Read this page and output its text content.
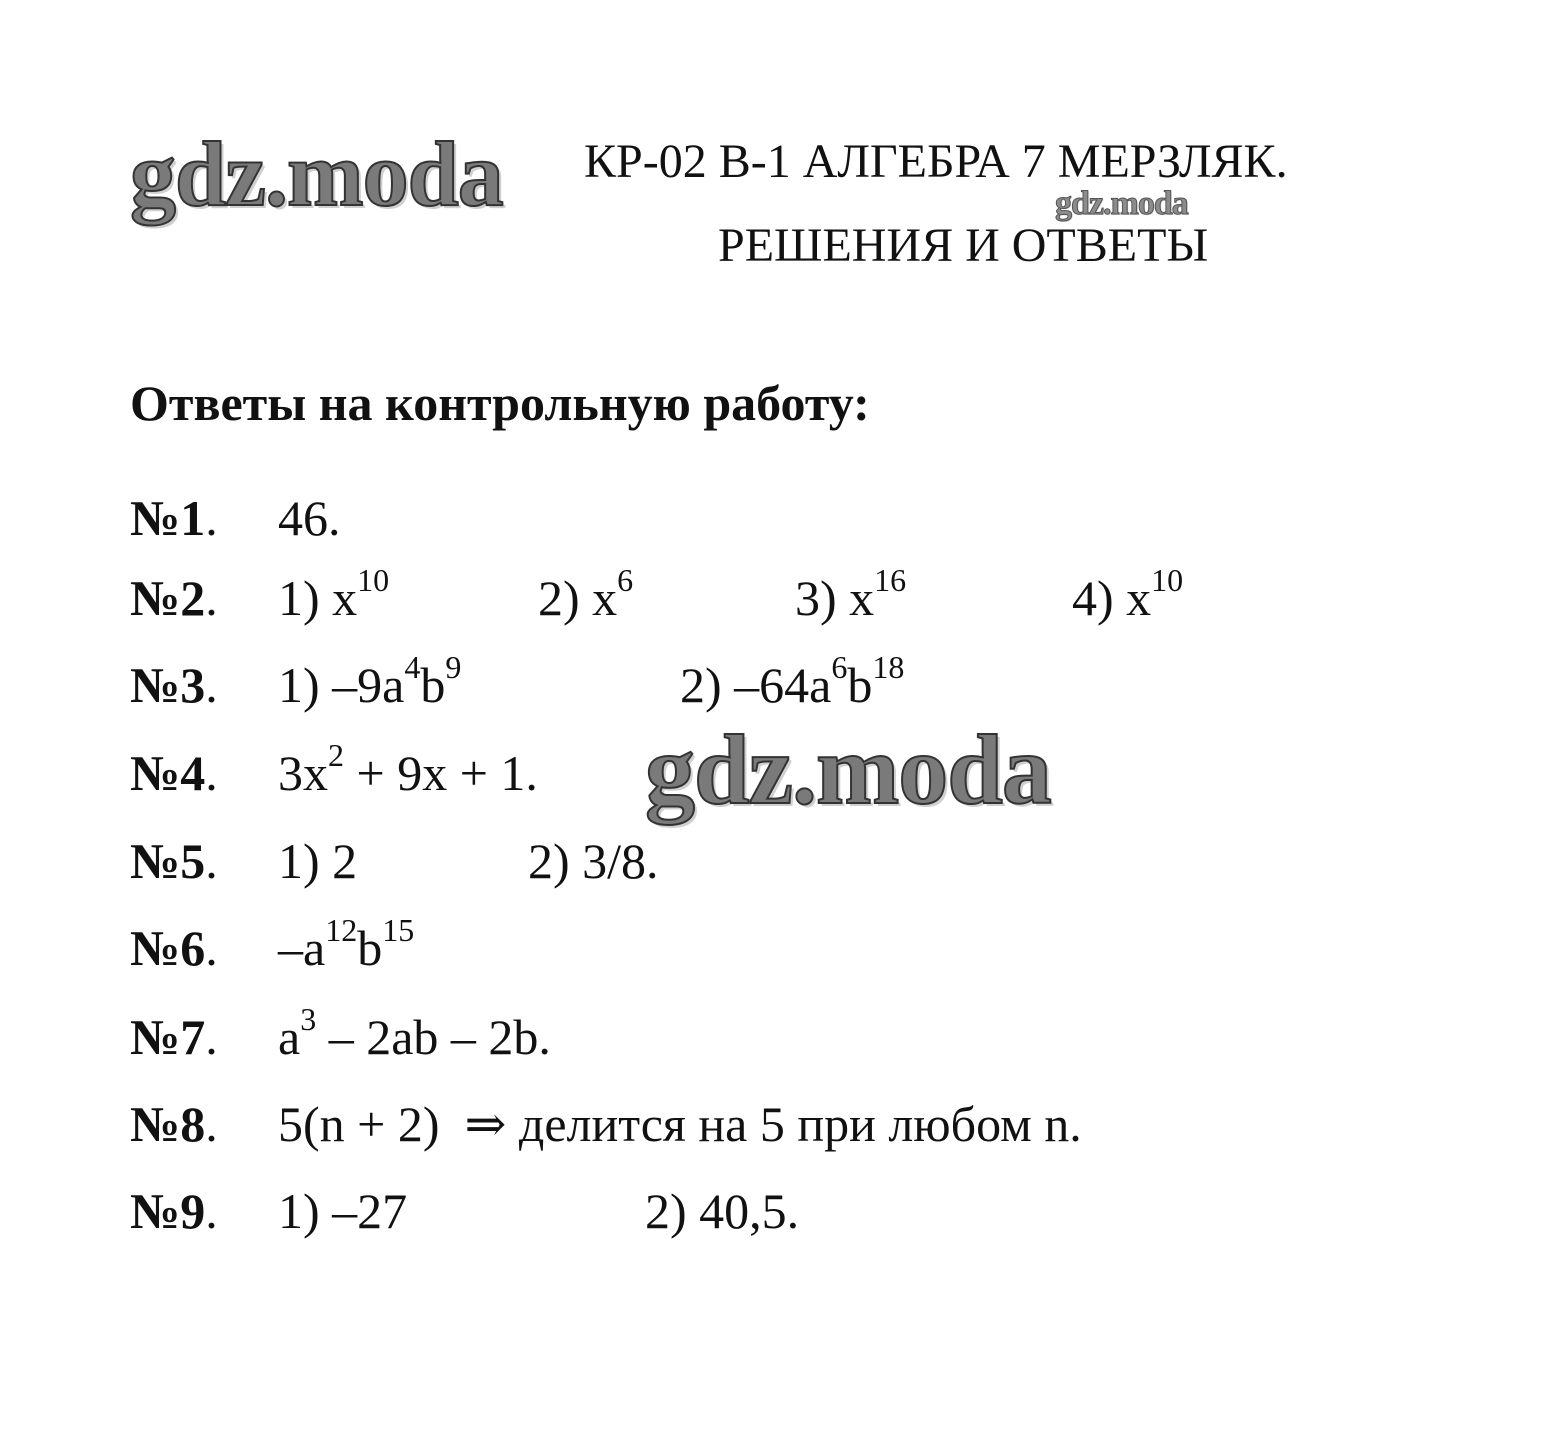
gdz.moda	gdz.moda
gdz.moda
КР-02 В-1 АЛГЕБРА 7 МЕРЗЛЯК.
РЕШЕНИЯ И ОТВЕТЫ
Ответы на контрольную работу:
№1. 46.
№2. 1) $x^{10}$	2) $x^6$	3) $x^{16}$	4) $x^{10}$
№3. 1) $-9a^4b^9$	2) $-64a^6b^{18}$
№4. $3x^2 + 9x + 1$.
№5. 1) 2	2) 3/8.
№6. $-a^{12}b^{15}$
№7. $a^3 - 2ab - 2b$.
№8. 5(n + 2)  ⇒ делится на 5 при любом n.
№9. 1) –27	2) 40,5.
